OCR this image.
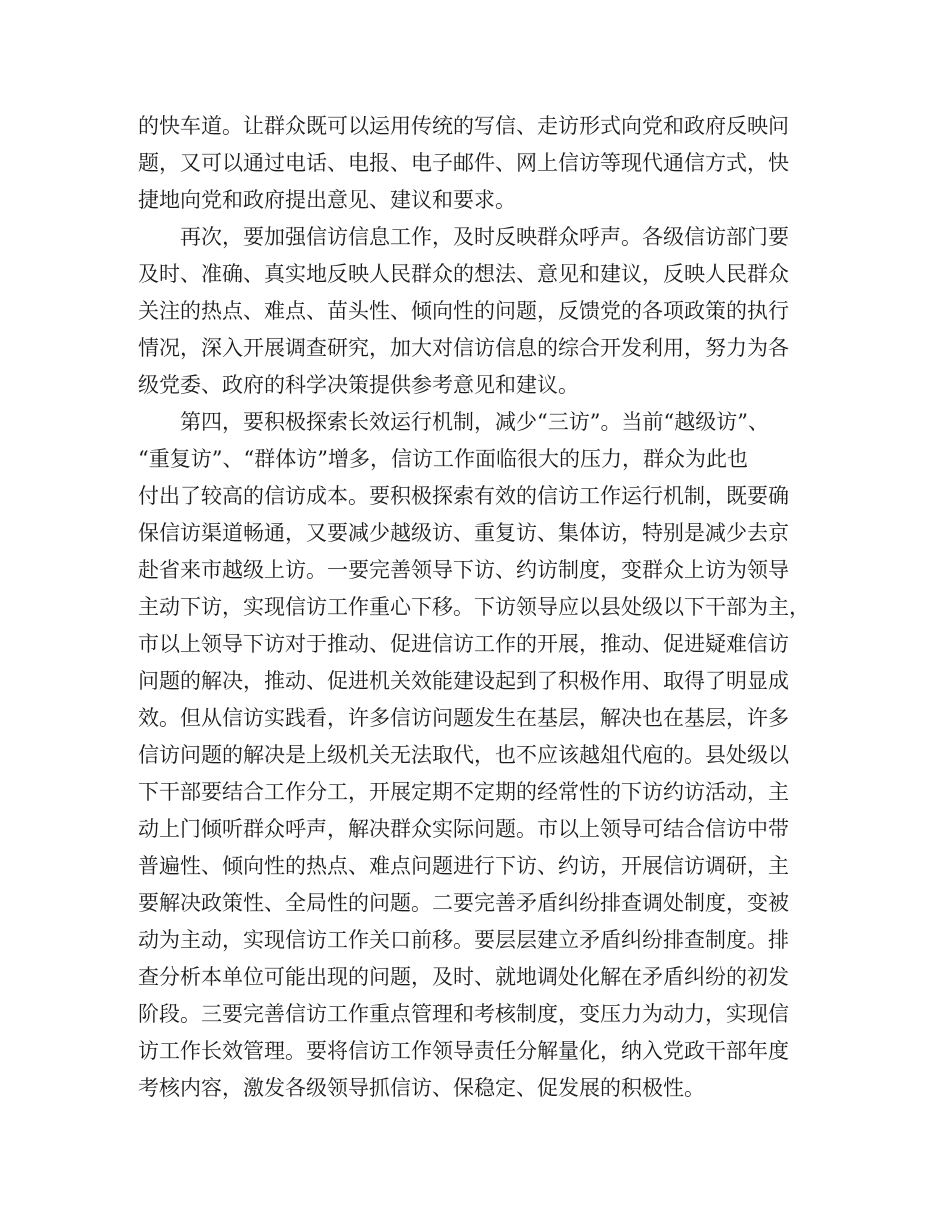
的快车道。让群众既可以运用传统的写信、走访形式向党和政府反映问
题，又可以通过电话、电报、电子邮件、网上信访等现代通信方式，快
捷地向党和政府提出意见、建议和要求。
　　再次，要加强信访信息工作，及时反映群众呼声。各级信访部门要
及时、准确、真实地反映人民群众的想法、意见和建议，反映人民群众
关注的热点、难点、苗头性、倾向性的问题，反馈党的各项政策的执行
情况，深入开展调查研究，加大对信访信息的综合开发利用，努力为各
级党委、政府的科学决策提供参考意见和建议。
　　第四，要积极探索长效运行机制，减少“三访”。当前“越级访”、
“重复访”、“群体访”增多，信访工作面临很大的压力，群众为此也
付出了较高的信访成本。要积极探索有效的信访工作运行机制，既要确
保信访渠道畅通，又要减少越级访、重复访、集体访，特别是减少去京
赴省来市越级上访。一要完善领导下访、约访制度，变群众上访为领导
主动下访，实现信访工作重心下移。下访领导应以县处级以下干部为主，
市以上领导下访对于推动、促进信访工作的开展，推动、促进疑难信访
问题的解决，推动、促进机关效能建设起到了积极作用、取得了明显成
效。但从信访实践看，许多信访问题发生在基层，解决也在基层，许多
信访问题的解决是上级机关无法取代，也不应该越俎代庖的。县处级以
下干部要结合工作分工，开展定期不定期的经常性的下访约访活动，主
动上门倾听群众呼声，解决群众实际问题。市以上领导可结合信访中带
普遍性、倾向性的热点、难点问题进行下访、约访，开展信访调研，主
要解决政策性、全局性的问题。二要完善矛盾纠纷排查调处制度，变被
动为主动，实现信访工作关口前移。要层层建立矛盾纠纷排查制度。排
查分析本单位可能出现的问题，及时、就地调处化解在矛盾纠纷的初发
阶段。三要完善信访工作重点管理和考核制度，变压力为动力，实现信
访工作长效管理。要将信访工作领导责任分解量化，纳入党政干部年度
考核内容，激发各级领导抓信访、保稳定、促发展的积极性。
